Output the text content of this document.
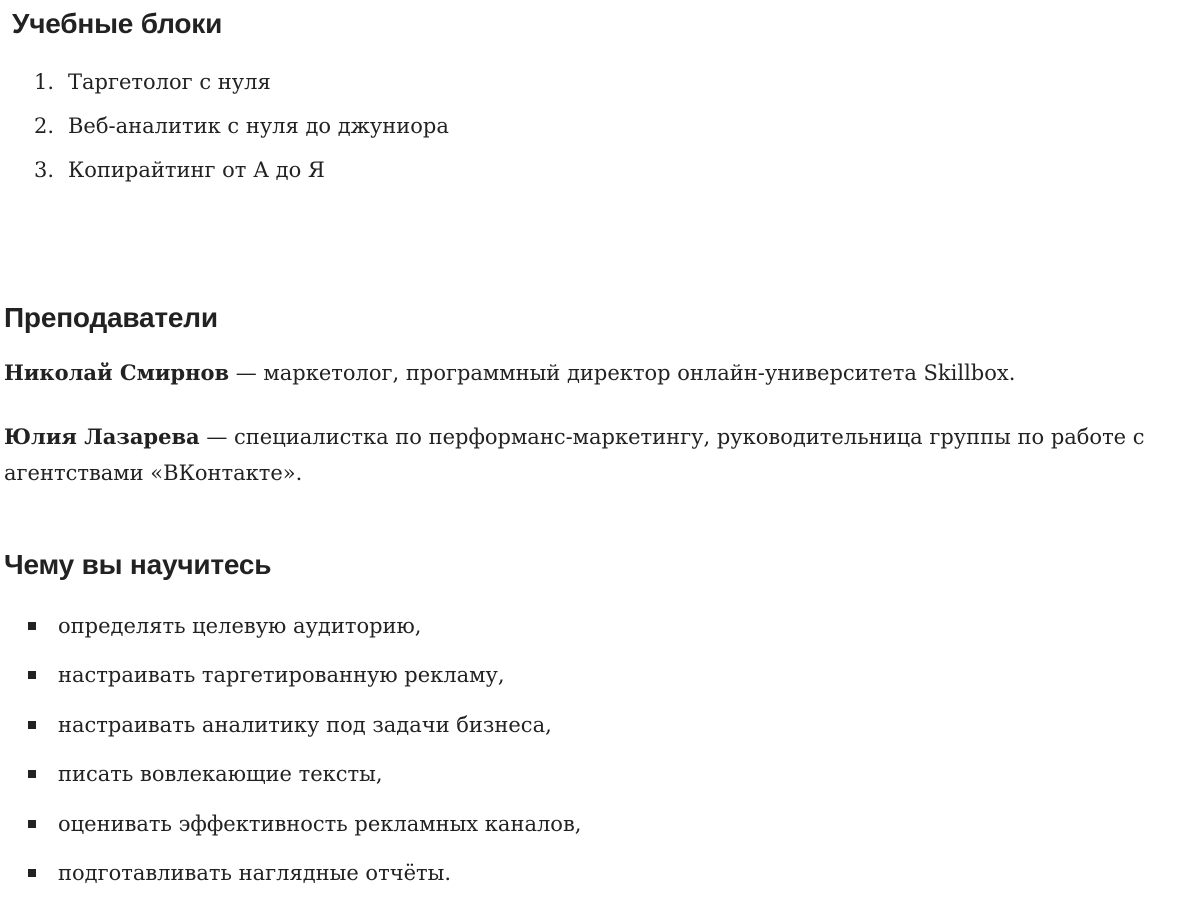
Учебные блоки
1. Таргетолог с нуля
2. Веб-аналитик с нуля до джуниора
3. Копирайтинг от А до Я
Преподаватели

Николай Смирнов — маркетолог, программный директор онлайн-университета Skillbox.

Юлия Лазарева — специалистка по перформанс-маркетингу, руководительница группы по работе с агентствами «ВКонтакте».

Чему вы научитесь
определять целевую аудиторию,
настраивать таргетированную рекламу,
настраивать аналитику под задачи бизнеса,
писать вовлекающие тексты,
оценивать эффективность рекламных каналов,
подготавливать наглядные отчёты.
